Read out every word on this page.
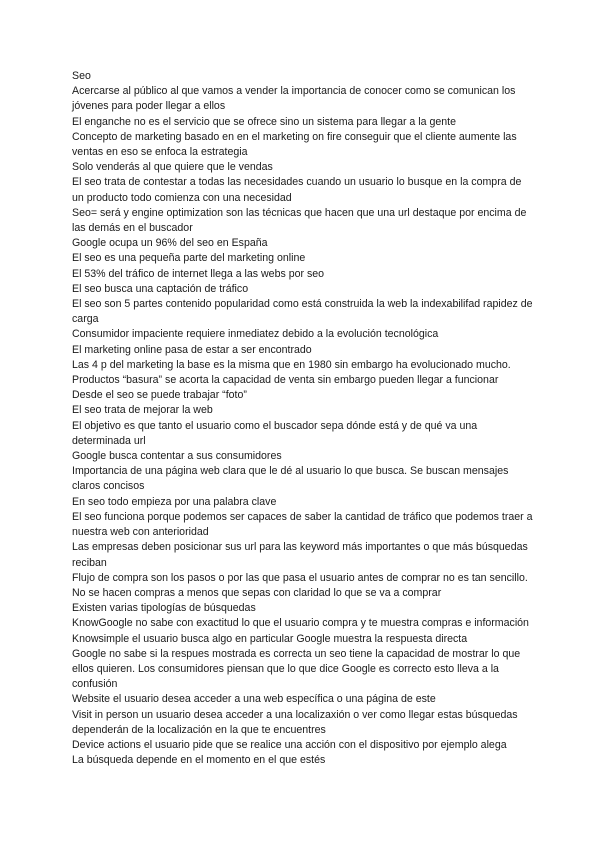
Seo

Acercarse al público al que vamos a vender la importancia de conocer como se comunican los jóvenes para poder llegar a ellos

El enganche no es el servicio que se ofrece sino un sistema para llegar a la gente

Concepto de marketing basado en en el marketing on fire conseguir que el cliente aumente las ventas en eso se enfoca la estrategia

Solo venderás al que quiere que le vendas

El seo trata de contestar a todas las necesidades cuando un usuario lo busque en la compra de un producto todo comienza con una necesidad

Seo= será y engine optimization son las técnicas que hacen que una url destaque por encima de las demás en el buscador

Google ocupa un 96% del seo en España

El seo es una pequeña parte del marketing online

El 53% del tráfico de internet llega a las webs por seo

El seo busca una captación de tráfico

El seo son 5 partes contenido popularidad como está construida la web la indexabilifad rapidez de carga

Consumidor impaciente requiere inmediatez debido a la evolución tecnológica

El marketing online pasa de estar a ser encontrado

Las 4 p del marketing la base es la misma que en 1980 sin embargo ha evolucionado mucho.

Productos “basura” se acorta la capacidad de venta sin embargo pueden llegar a funcionar

Desde el seo se puede trabajar “foto”

El seo trata de mejorar la web

El objetivo es que tanto el usuario como el buscador sepa dónde está y de qué va una determinada url

Google busca contentar a sus consumidores

Importancia de una página web clara que le dé al usuario lo que busca. Se buscan mensajes claros concisos

En seo todo empieza por una palabra clave

El seo funciona porque podemos ser capaces de saber la cantidad de tráfico que podemos traer a nuestra web con anterioridad

Las empresas deben posicionar sus url para las keyword más importantes o que más búsquedas reciban

Flujo de compra son los pasos o por las que pasa el usuario antes de comprar no es tan sencillo. No se hacen compras a menos que sepas con claridad lo que se va a comprar

Existen varias tipologías de búsquedas

KnowGoogle no sabe con exactitud lo que el usuario compra y te muestra compras e información

Knowsimple el usuario busca algo en particular Google muestra la respuesta directa

Google no sabe si la respues mostrada es correcta un seo tiene la capacidad de mostrar lo que ellos quieren. Los consumidores piensan que lo que dice Google es correcto esto lleva a la confusión

Website el usuario desea acceder a una web específica o una página de este

Visit in person un usuario desea acceder a una localizaxión o ver como llegar estas búsquedas dependerán de la localización en la que te encuentres

Device actions el usuario pide que se realice una acción con el dispositivo por ejemplo alega

La búsqueda depende en el momento en el que estés
